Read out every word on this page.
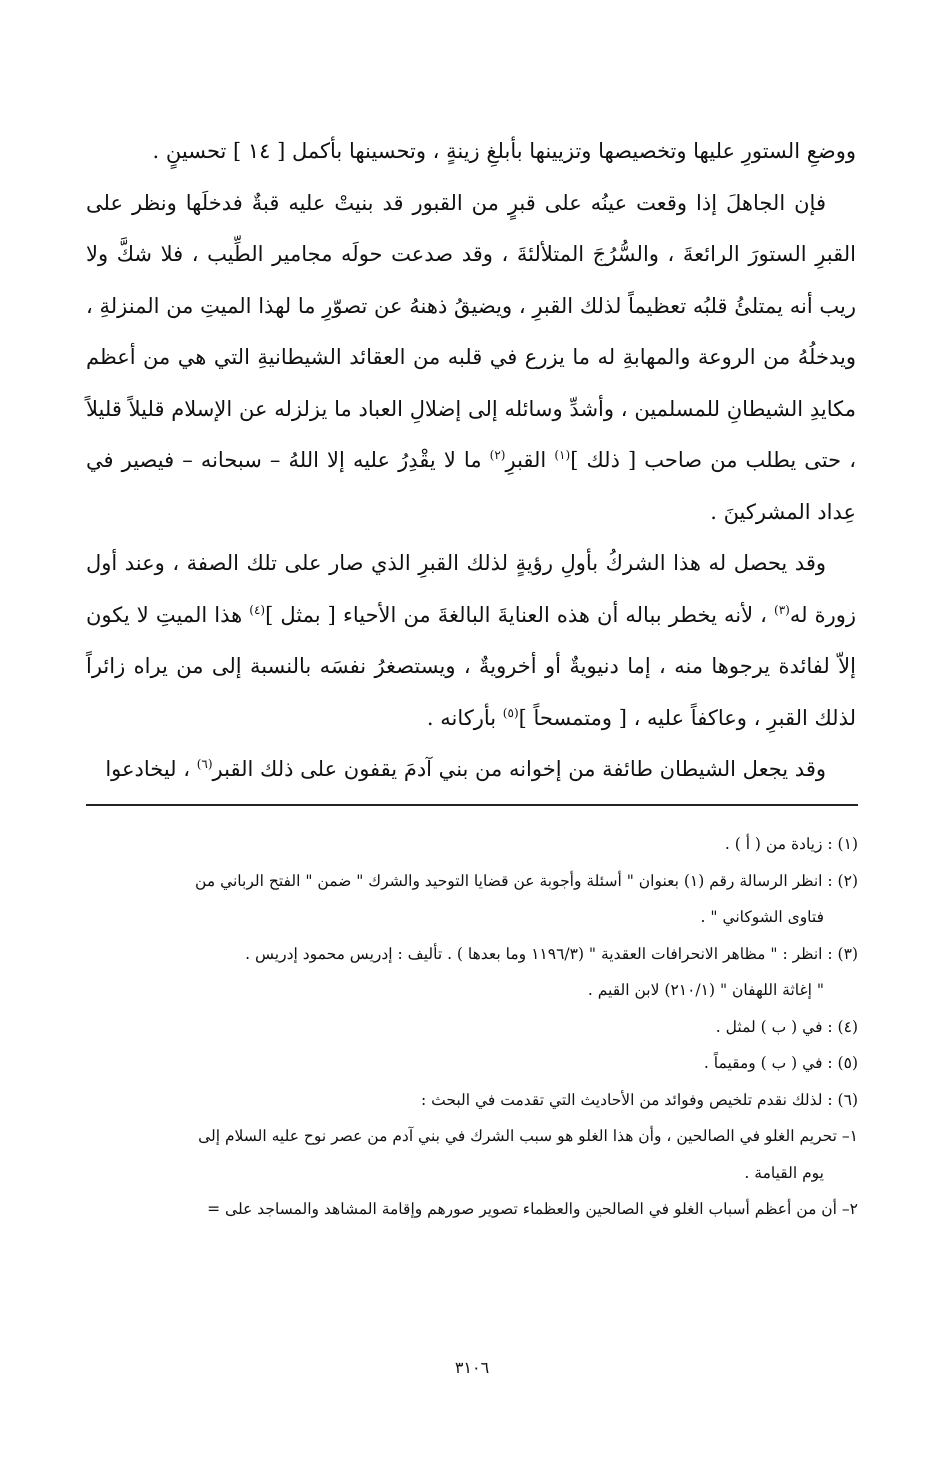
ووضعِ الستورِ عليها وتخصيصها وتزيينها بأبلغِ زينةٍ ، وتحسينها بأكمل [ ١٤ ] تحسينٍ .

فإن الجاهلَ إذا وقعت عينُه على قبرٍ من القبور قد بنيتْ عليه قبةٌ فدخلَها ونظر على القبرِ الستورَ الرائعةَ ، والسُّرُجَ المتلألئةَ ، وقد صدعت حولَه مجامير الطِّيب ، فلا شكَّ ولا ريب أنه يمتلئُ قلبُه تعظيماً لذلك القبرِ ، ويضيقُ ذهنهُ عن تصوّرِ ما لهذا الميتِ من المنزلةِ ، ويدخلُهُ من الروعة والمهابةِ له ما يزرع في قلبه من العقائد الشيطانيةِ التي هي من أعظم مكايدِ الشيطانِ للمسلمين ، وأشدِّ وسائله إلى إضلالِ العباد ما يزلزله عن الإسلام قليلاً قليلاً ، حتى يطلب من صاحب [ ذلك ]$^{(١)}$ القبرِ$^{(٢)}$ ما لا يقْدِرُ عليه إلا اللهُ – سبحانه – فيصير في عِداد المشركينَ .

وقد يحصل له هذا الشركُ بأولِ رؤيةٍ لذلك القبرِ الذي صار على تلك الصفة ، وعند أول زورة له$^{(٣)}$ ، لأنه يخطر بباله أن هذه العنايةَ البالغةَ من الأحياء [ بمثل ]$^{(٤)}$ هذا الميتِ لا يكون إلاّ لفائدة يرجوها منه ، إما دنيويةٌ أو أخرويةٌ ، ويستصغرُ نفسَه بالنسبة إلى من يراه زائراً لذلك القبرِ ، وعاكفاً عليه ، [ ومتمسحاً ]$^{(٥)}$ بأركانه .

وقد يجعل الشيطان طائفة من إخوانه من بني آدمَ يقفون على ذلك القبر$^{(٦)}$ ، ليخادعوا

(١) : زيادة من ( أ ) .

(٢) : انظر الرسالة رقم (١) بعنوان " أسئلة وأجوبة عن قضايا التوحيد والشرك " ضمن " الفتح الرباني من

فتاوى الشوكاني " .

(٣) : انظر : " مظاهر الانحرافات العقدية " (١١٩٦/٣ وما بعدها ) . تأليف : إدريس محمود إدريس .

" إغاثة اللهفان " (٢١٠/١) لابن القيم .

(٤) : في ( ب ) لمثل .

(٥) : في ( ب ) ومقيماً .

(٦) : لذلك نقدم تلخيص وفوائد من الأحاديث التي تقدمت في البحث :

١– تحريم الغلو في الصالحين ، وأن هذا الغلو هو سبب الشرك في بني آدم من عصر نوح عليه السلام إلى

يوم القيامة .

٢– أن من أعظم أسباب الغلو في الصالحين والعظماء تصوير صورهم وإقامة المشاهد والمساجد على =

٣١٠٦
